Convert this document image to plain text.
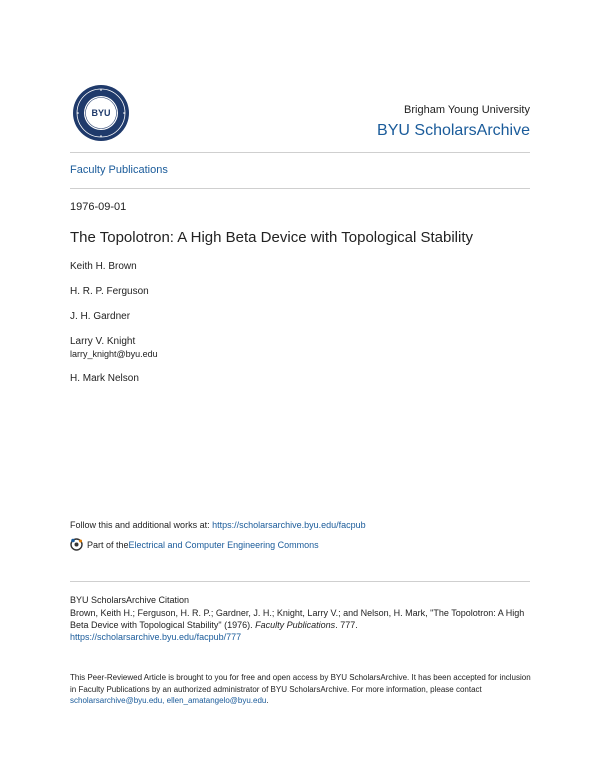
BYU	Brigham Young University
BYU ScholarsArchive
Faculty Publications
1976-09-01
The Topolotron: A High Beta Device with Topological Stability
Keith H. Brown
H. R. P. Ferguson
J. H. Gardner
Larry V. Knight
larry_knight@byu.edu
H. Mark Nelson
Follow this and additional works at: https://scholarsarchive.byu.edu/facpub
Part of the Electrical and Computer Engineering Commons
BYU ScholarsArchive Citation
Brown, Keith H.; Ferguson, H. R. P.; Gardner, J. H.; Knight, Larry V.; and Nelson, H. Mark, "The Topolotron: A High Beta Device with Topological Stability" (1976). Faculty Publications. 777.
https://scholarsarchive.byu.edu/facpub/777
This Peer-Reviewed Article is brought to you for free and open access by BYU ScholarsArchive. It has been accepted for inclusion in Faculty Publications by an authorized administrator of BYU ScholarsArchive. For more information, please contact scholarsarchive@byu.edu, ellen_amatangelo@byu.edu.
